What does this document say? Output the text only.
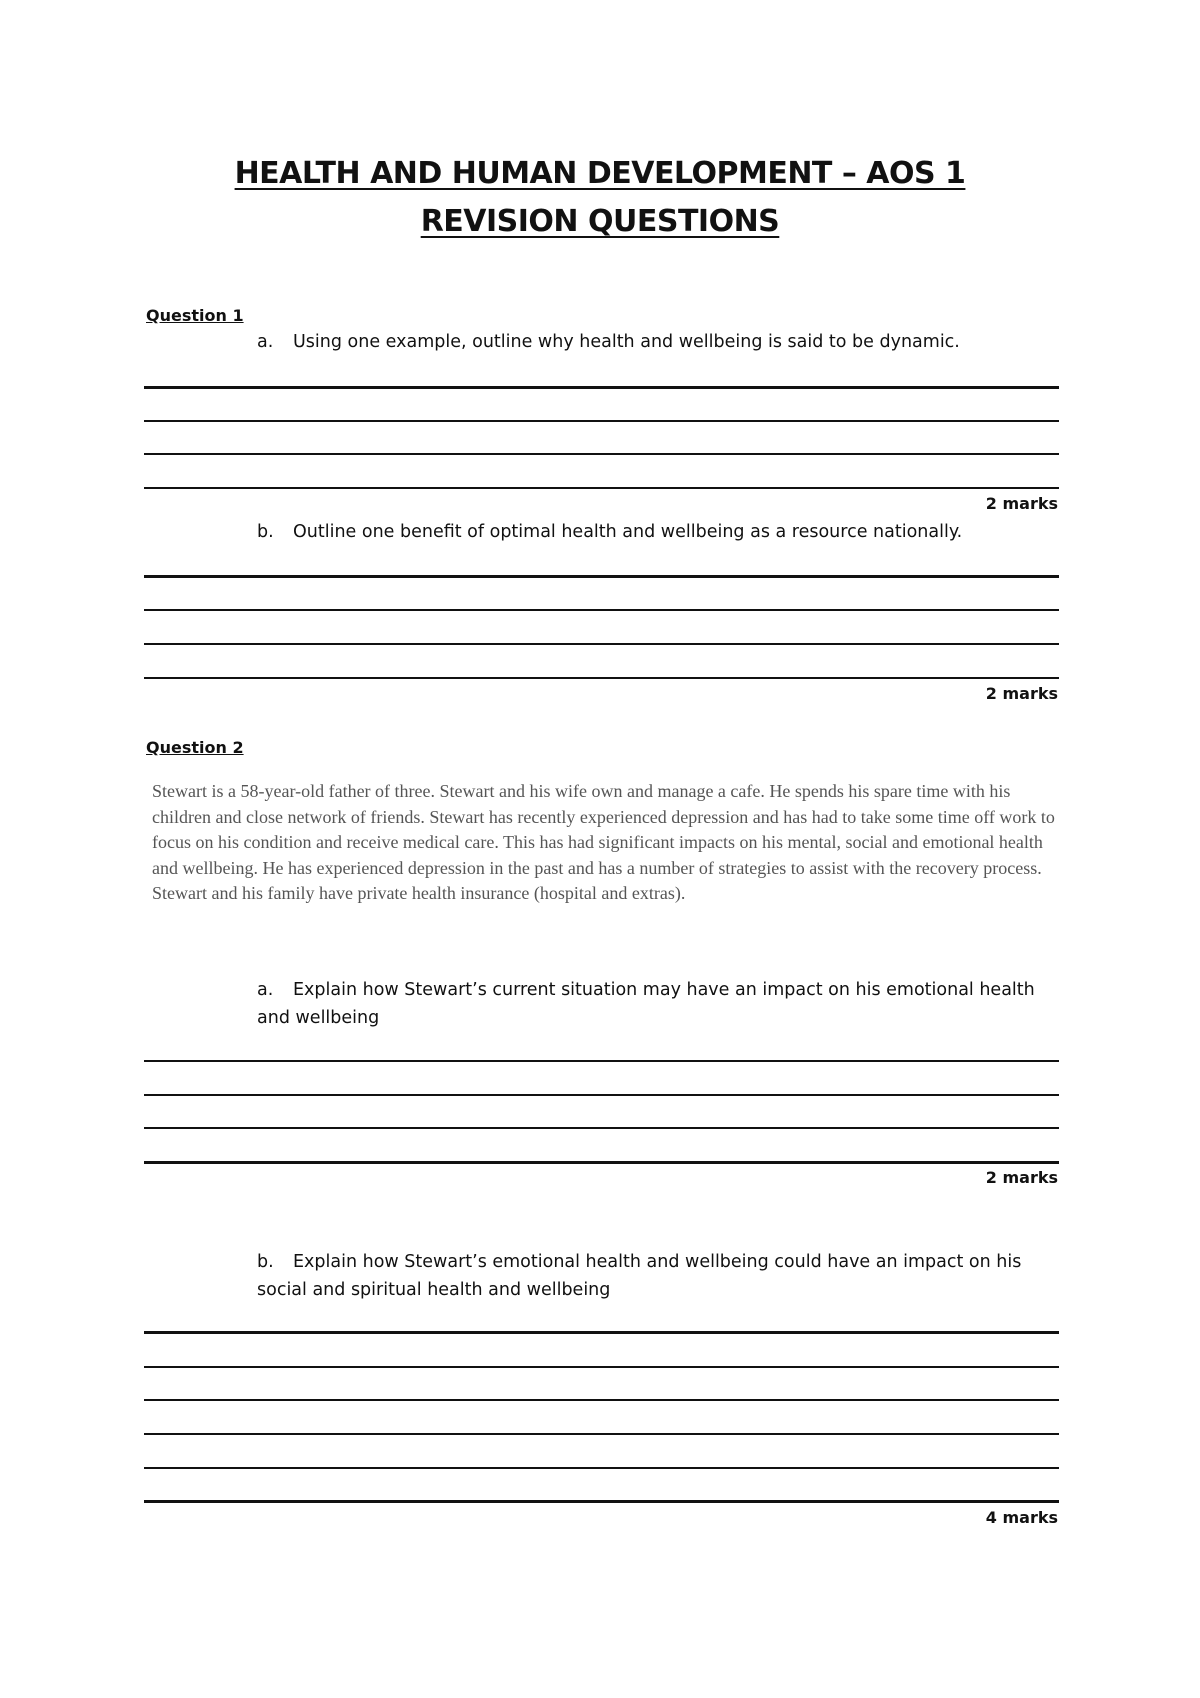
HEALTH AND HUMAN DEVELOPMENT – AOS 1
REVISION QUESTIONS
Question 1
a. Using one example, outline why health and wellbeing is said to be dynamic.
2 marks
b. Outline one benefit of optimal health and wellbeing as a resource nationally.
2 marks
Question 2
Stewart is a 58-year-old father of three. Stewart and his wife own and manage a cafe. He spends his spare time with his children and close network of friends. Stewart has recently experienced depression and has had to take some time off work to focus on his condition and receive medical care. This has had significant impacts on his mental, social and emotional health and wellbeing. He has experienced depression in the past and has a number of strategies to assist with the recovery process. Stewart and his family have private health insurance (hospital and extras).
a. Explain how Stewart’s current situation may have an impact on his emotional health and wellbeing
2 marks
b. Explain how Stewart’s emotional health and wellbeing could have an impact on his social and spiritual health and wellbeing
4 marks
